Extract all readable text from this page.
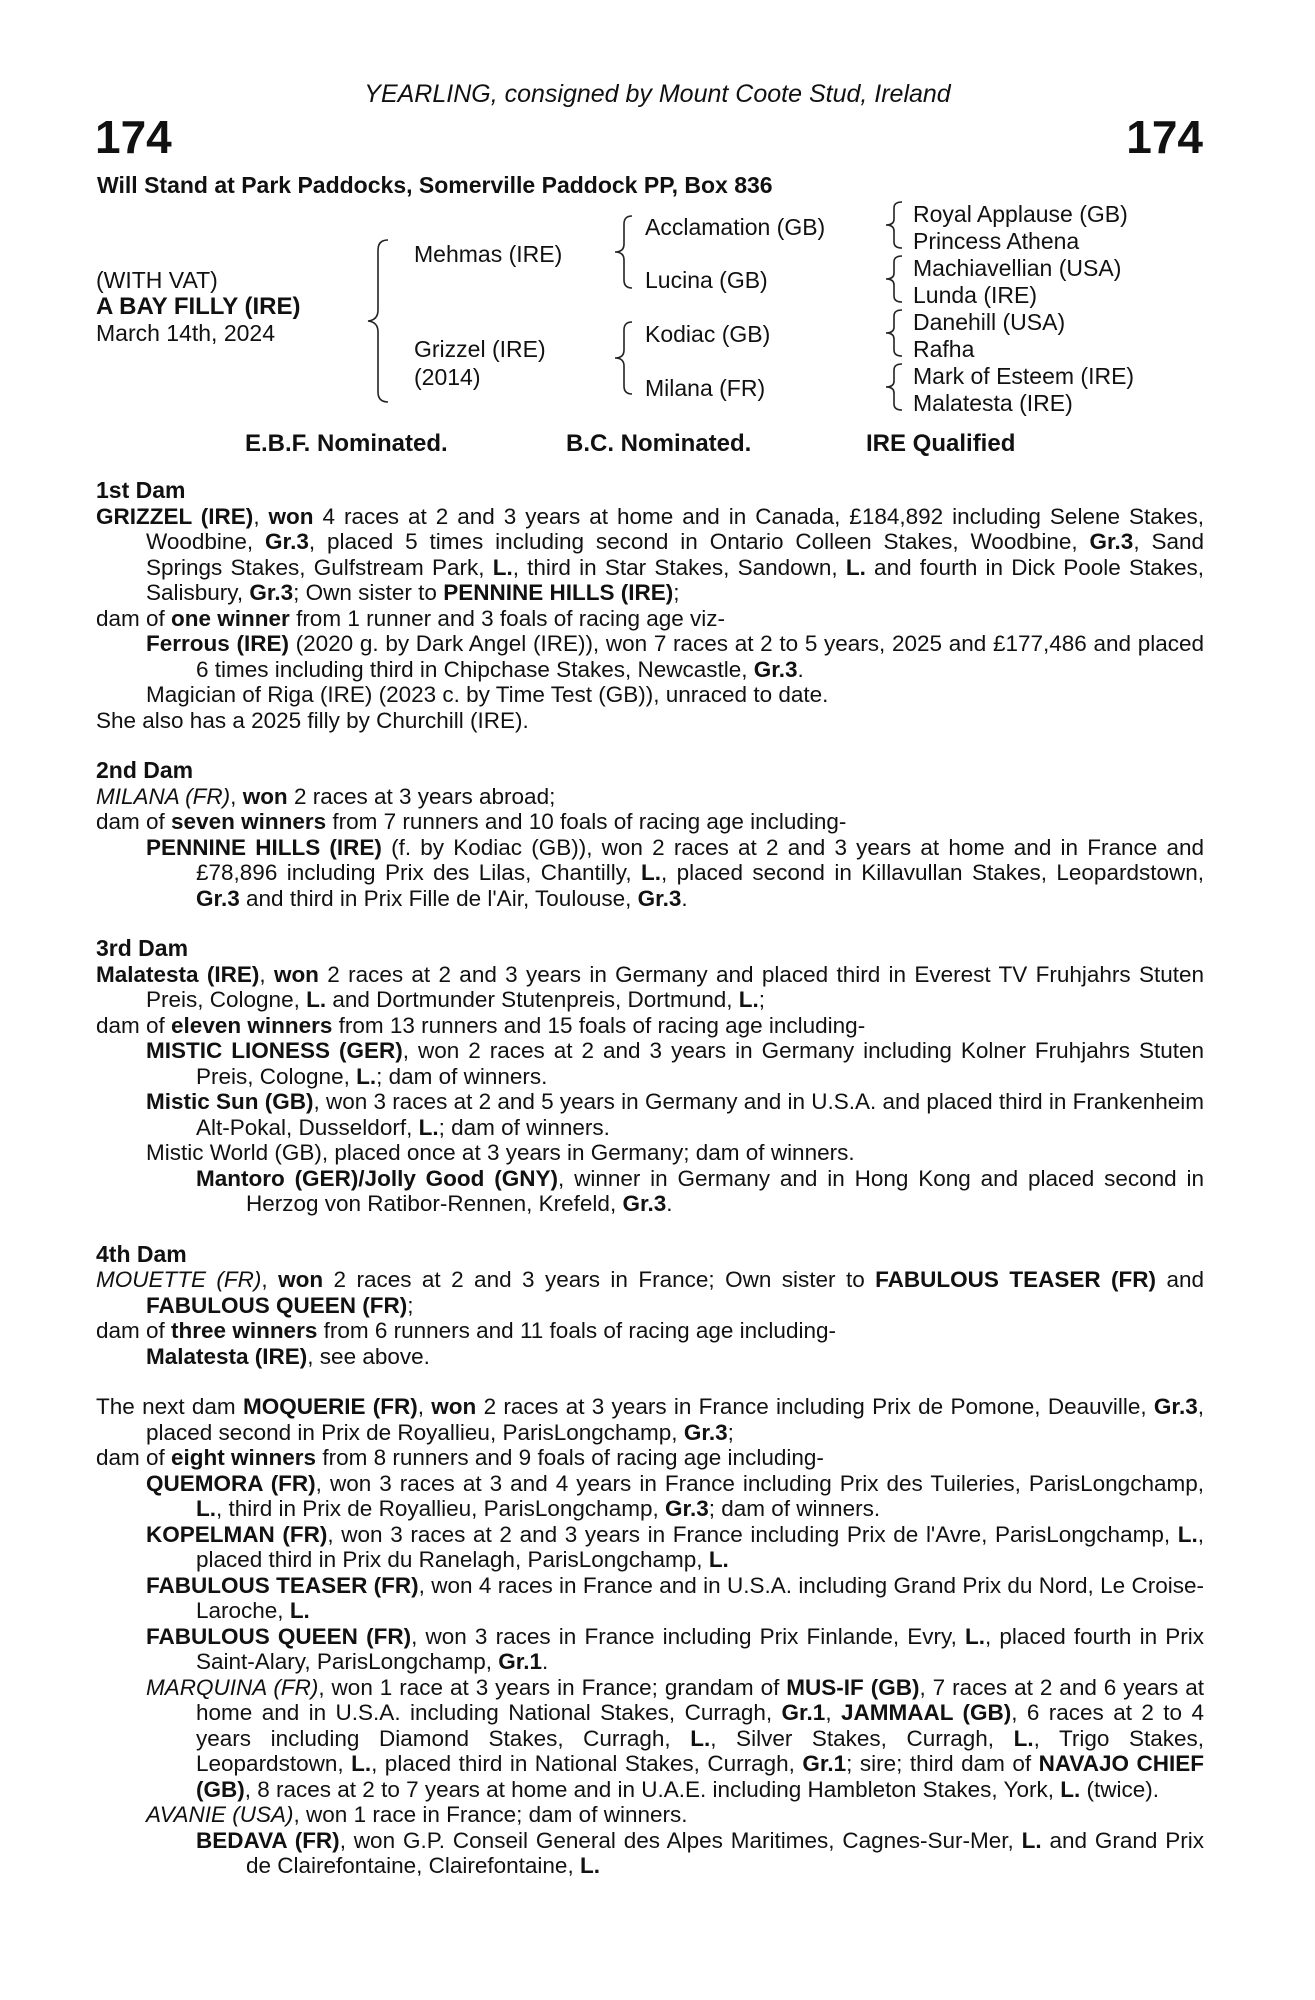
YEARLING, consigned by Mount Coote Stud, Ireland
174	174
Will Stand at Park Paddocks, Somerville Paddock PP, Box 836
(WITH VAT)
A BAY FILLY (IRE)
March 14th, 2024
Mehmas (IRE)
Grizzel (IRE)
(2014)
Acclamation (GB)
Lucina (GB)
Kodiac (GB)
Milana (FR)
Royal Applause (GB)
Princess Athena
Machiavellian (USA)
Lunda (IRE)
Danehill (USA)
Rafha
Mark of Esteem (IRE)
Malatesta (IRE)
E.B.F. Nominated.	B.C. Nominated.	IRE Qualified

1st Dam

GRIZZEL (IRE), won 4 races at 2 and 3 years at home and in Canada, £184,892 including Selene Stakes, Woodbine, Gr.3, placed 5 times including second in Ontario Colleen Stakes, Woodbine, Gr.3, Sand Springs Stakes, Gulfstream Park, L., third in Star Stakes, Sandown, L. and fourth in Dick Poole Stakes, Salisbury, Gr.3; Own sister to PENNINE HILLS (IRE);

dam of one winner from 1 runner and 3 foals of racing age viz-

Ferrous (IRE) (2020 g. by Dark Angel (IRE)), won 7 races at 2 to 5 years, 2025 and £177,486 and placed 6 times including third in Chipchase Stakes, Newcastle, Gr.3.

Magician of Riga (IRE) (2023 c. by Time Test (GB)), unraced to date.

She also has a 2025 filly by Churchill (IRE).

2nd Dam

MILANA (FR), won 2 races at 3 years abroad;

dam of seven winners from 7 runners and 10 foals of racing age including-

PENNINE HILLS (IRE) (f. by Kodiac (GB)), won 2 races at 2 and 3 years at home and in France and £78,896 including Prix des Lilas, Chantilly, L., placed second in Killavullan Stakes, Leopardstown, Gr.3 and third in Prix Fille de l'Air, Toulouse, Gr.3.

3rd Dam

Malatesta (IRE), won 2 races at 2 and 3 years in Germany and placed third in Everest TV Fruhjahrs Stuten Preis, Cologne, L. and Dortmunder Stutenpreis, Dortmund, L.;

dam of eleven winners from 13 runners and 15 foals of racing age including-

MISTIC LIONESS (GER), won 2 races at 2 and 3 years in Germany including Kolner Fruhjahrs Stuten Preis, Cologne, L.; dam of winners.

Mistic Sun (GB), won 3 races at 2 and 5 years in Germany and in U.S.A. and placed third in Frankenheim Alt-Pokal, Dusseldorf, L.; dam of winners.

Mistic World (GB), placed once at 3 years in Germany; dam of winners.

Mantoro (GER)/Jolly Good (GNY), winner in Germany and in Hong Kong and placed second in Herzog von Ratibor-Rennen, Krefeld, Gr.3.

4th Dam

MOUETTE (FR), won 2 races at 2 and 3 years in France; Own sister to FABULOUS TEASER (FR) and FABULOUS QUEEN (FR);

dam of three winners from 6 runners and 11 foals of racing age including-

Malatesta (IRE), see above.

The next dam MOQUERIE (FR), won 2 races at 3 years in France including Prix de Pomone, Deauville, Gr.3, placed second in Prix de Royallieu, ParisLongchamp, Gr.3;

dam of eight winners from 8 runners and 9 foals of racing age including-

QUEMORA (FR), won 3 races at 3 and 4 years in France including Prix des Tuileries, ParisLongchamp, L., third in Prix de Royallieu, ParisLongchamp, Gr.3; dam of winners.

KOPELMAN (FR), won 3 races at 2 and 3 years in France including Prix de l'Avre, ParisLongchamp, L., placed third in Prix du Ranelagh, ParisLongchamp, L.

FABULOUS TEASER (FR), won 4 races in France and in U.S.A. including Grand Prix du Nord, Le Croise-Laroche, L.

FABULOUS QUEEN (FR), won 3 races in France including Prix Finlande, Evry, L., placed fourth in Prix Saint-Alary, ParisLongchamp, Gr.1.

MARQUINA (FR), won 1 race at 3 years in France; grandam of MUS-IF (GB), 7 races at 2 and 6 years at home and in U.S.A. including National Stakes, Curragh, Gr.1, JAMMAAL (GB), 6 races at 2 to 4 years including Diamond Stakes, Curragh, L., Silver Stakes, Curragh, L., Trigo Stakes, Leopardstown, L., placed third in National Stakes, Curragh, Gr.1; sire; third dam of NAVAJO CHIEF (GB), 8 races at 2 to 7 years at home and in U.A.E. including Hambleton Stakes, York, L. (twice).

AVANIE (USA), won 1 race in France; dam of winners.

BEDAVA (FR), won G.P. Conseil General des Alpes Maritimes, Cagnes-Sur-Mer, L. and Grand Prix de Clairefontaine, Clairefontaine, L.
